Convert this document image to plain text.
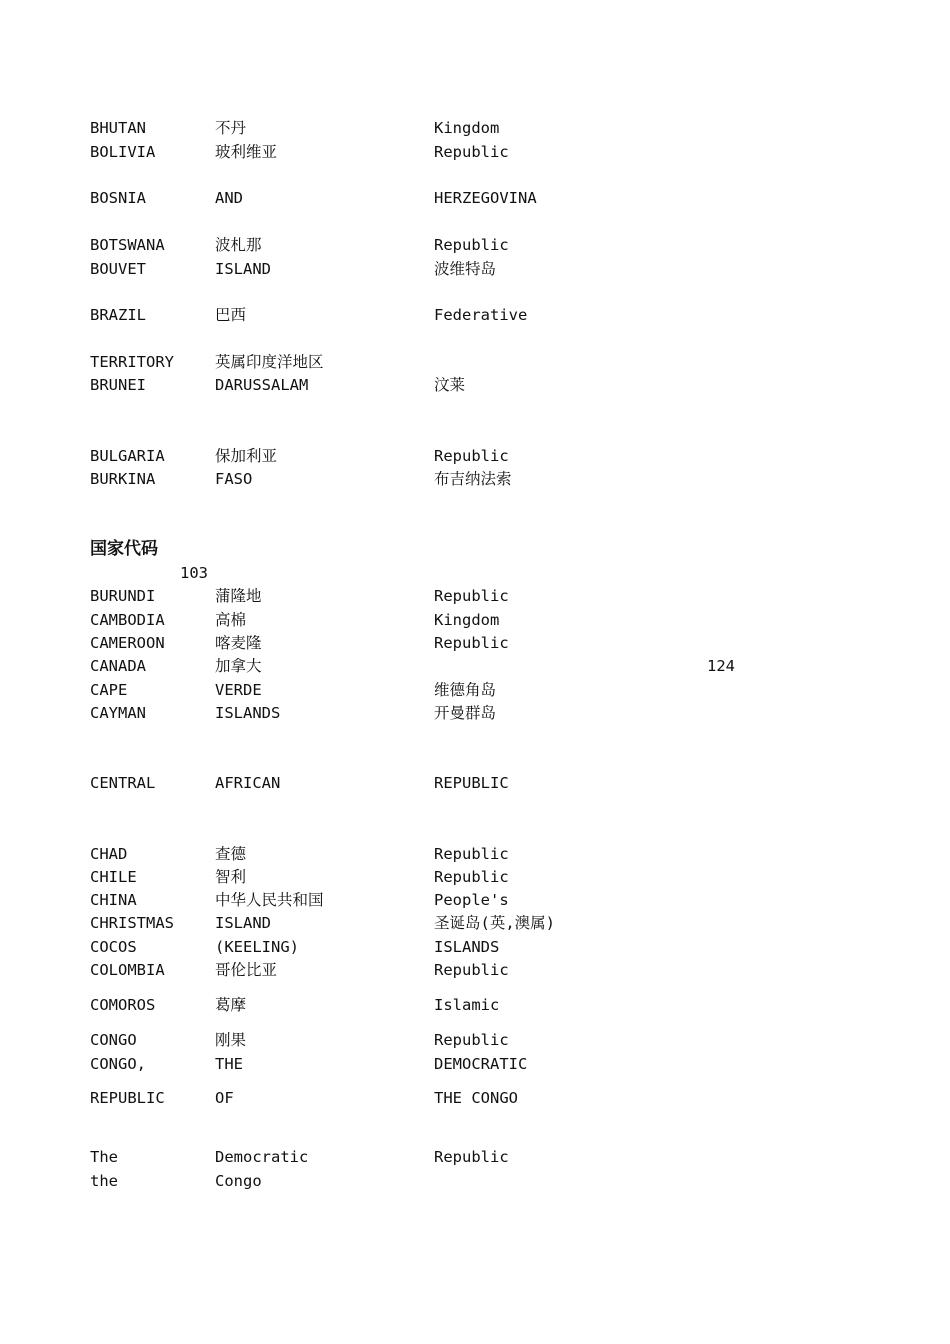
BHUTAN	不丹	Kingdom
BOLIVIA	玻利维亚	Republic
BOSNIA	AND	HERZEGOVINA
BOTSWANA	波札那	Republic
BOUVET	ISLAND	波维特岛
BRAZIL	巴西	Federative
TERRITORY	英属印度洋地区
BRUNEI	DARUSSALAM	汶莱
BULGARIA	保加利亚	Republic
BURKINA	FASO	布吉纳法索
BURUNDI	蒲隆地	Republic
CAMBODIA	高棉	Kingdom
CAMEROON	喀麦隆	Republic
CANADA	加拿大
CAPE	VERDE	维德角岛
CAYMAN	ISLANDS	开曼群岛
CENTRAL	AFRICAN	REPUBLIC
CHAD	查德	Republic
CHILE	智利	Republic
CHINA	中华人民共和国	People's
CHRISTMAS	ISLAND	圣诞岛(英,澳属)
COCOS	(KEELING)	ISLANDS
COLOMBIA	哥伦比亚	Republic
COMOROS	葛摩	Islamic
CONGO	刚果	Republic
CONGO,	THE	DEMOCRATIC
REPUBLIC	OF	THE CONGO
The	Democratic	Republic
the	Congo
国家代码
103
124
